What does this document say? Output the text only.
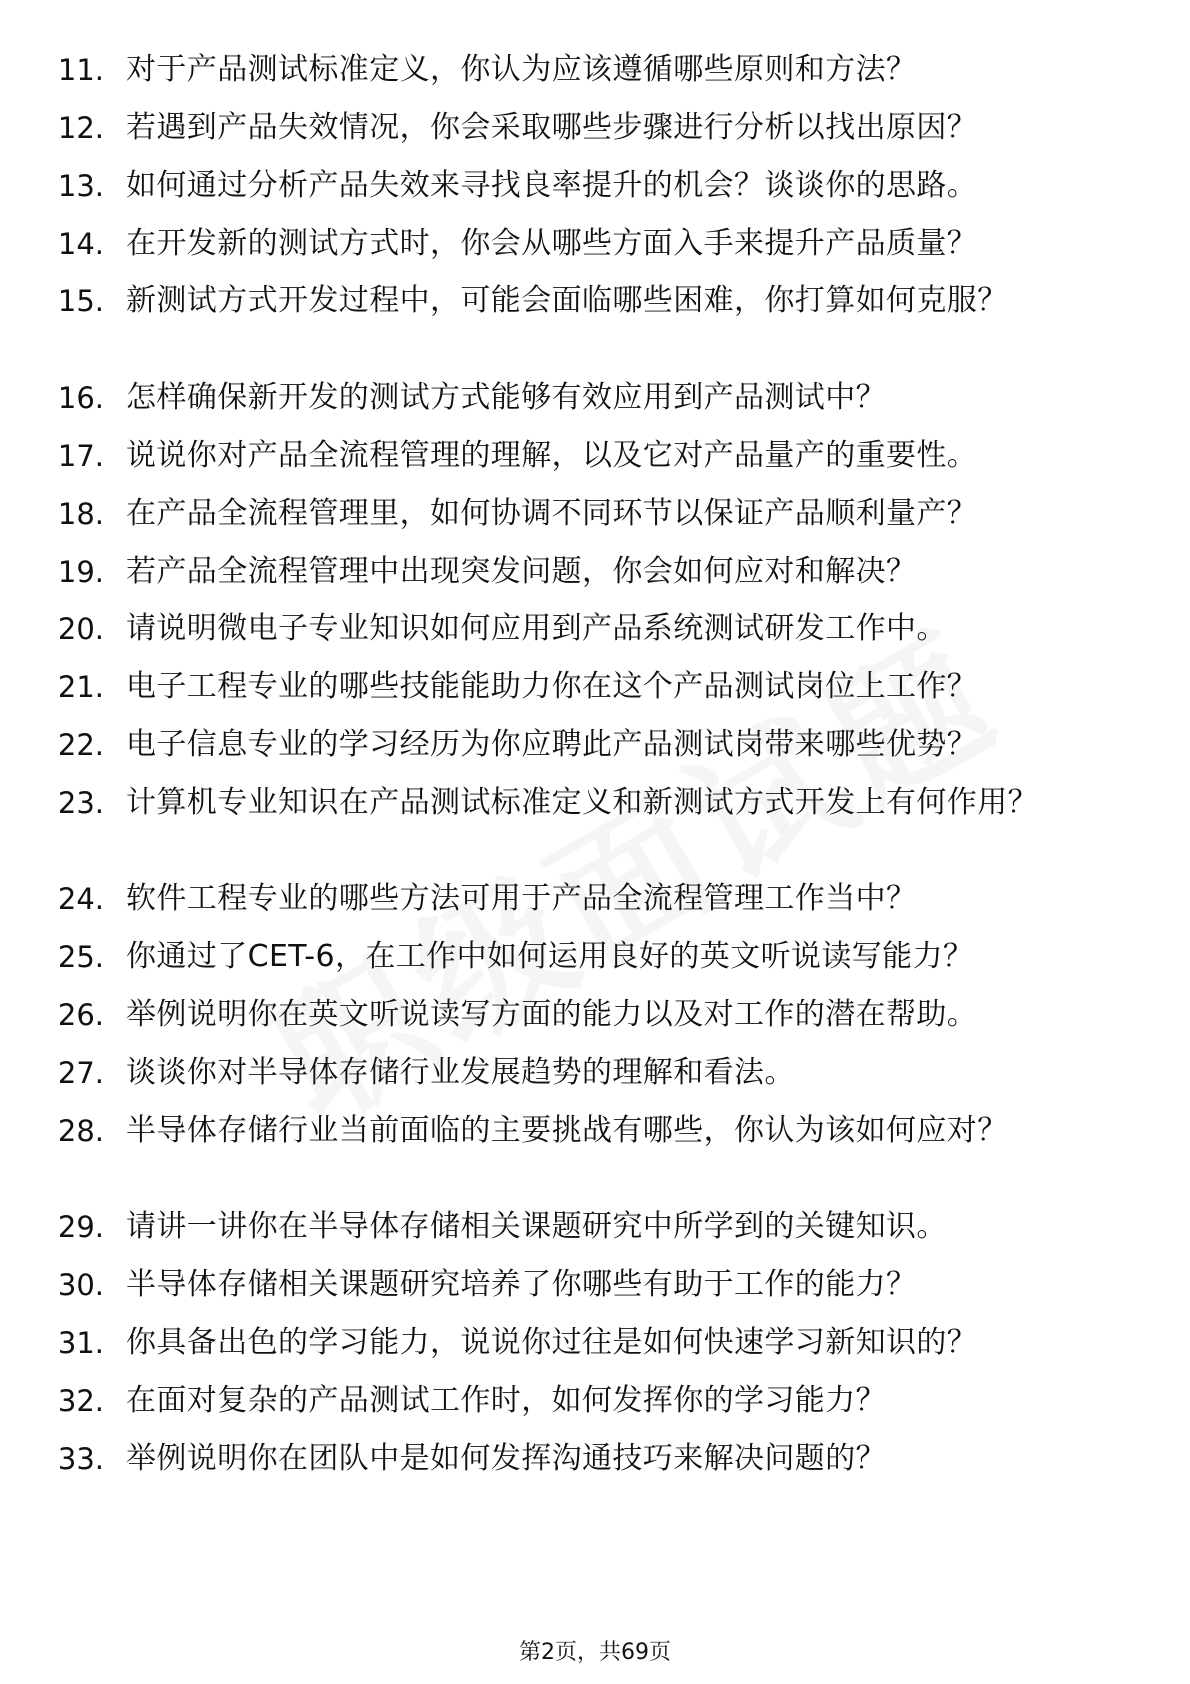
11. 对于产品测试标准定义，你认为应该遵循哪些原则和方法？
12. 若遇到产品失效情况，你会采取哪些步骤进行分析以找出原因？
13. 如何通过分析产品失效来寻找良率提升的机会？谈谈你的思路。
14. 在开发新的测试方式时，你会从哪些方面入手来提升产品质量？
15. 新测试方式开发过程中，可能会面临哪些困难，你打算如何克服？
16. 怎样确保新开发的测试方式能够有效应用到产品测试中？
17. 说说你对产品全流程管理的理解，以及它对产品量产的重要性。
18. 在产品全流程管理里，如何协调不同环节以保证产品顺利量产？
19. 若产品全流程管理中出现突发问题，你会如何应对和解决？
20. 请说明微电子专业知识如何应用到产品系统测试研发工作中。
21. 电子工程专业的哪些技能能助力你在这个产品测试岗位上工作？
22. 电子信息专业的学习经历为你应聘此产品测试岗带来哪些优势？
23. 计算机专业知识在产品测试标准定义和新测试方式开发上有何作用？
24. 软件工程专业的哪些方法可用于产品全流程管理工作当中？
25. 你通过了CET-6，在工作中如何运用良好的英文听说读写能力？
26. 举例说明你在英文听说读写方面的能力以及对工作的潜在帮助。
27. 谈谈你对半导体存储行业发展趋势的理解和看法。
28. 半导体存储行业当前面临的主要挑战有哪些，你认为该如何应对？
29. 请讲一讲你在半导体存储相关课题研究中所学到的关键知识。
30. 半导体存储相关课题研究培养了你哪些有助于工作的能力？
31. 你具备出色的学习能力，说说你过往是如何快速学习新知识的？
32. 在面对复杂的产品测试工作时，如何发挥你的学习能力？
33. 举例说明你在团队中是如何发挥沟通技巧来解决问题的？
第2页，共69页
